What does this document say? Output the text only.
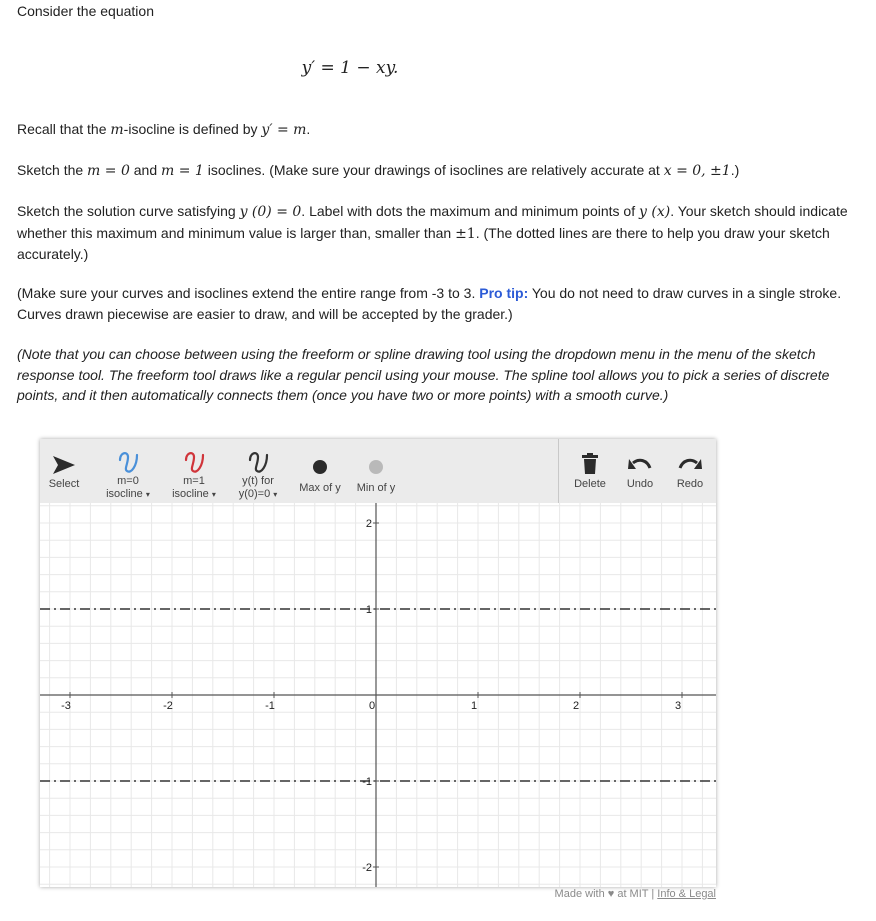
Consider the equation
y′ = 1 − xy.
Recall that the m-isocline is defined by y′ = m.
Sketch the m = 0 and m = 1 isoclines. (Make sure your drawings of isoclines are relatively accurate at x = 0, ±1.)
Sketch the solution curve satisfying y (0) = 0. Label with dots the maximum and minimum points of y (x). Your sketch should indicate whether this maximum and minimum value is larger than, smaller than ±1. (The dotted lines are there to help you draw your sketch accurately.)
(Make sure your curves and isoclines extend the entire range from -3 to 3. Pro tip: You do not need to draw curves in a single stroke. Curves drawn piecewise are easier to draw, and will be accepted by the grader.)
(Note that you can choose between using the freeform or spline drawing tool using the dropdown menu in the menu of the sketch response tool. The freeform tool draws like a regular pencil using your mouse. The spline tool allows you to pick a series of discrete points, and it then automatically connects them (once you have two or more points) with a smooth curve.)
Select	m=0
isocline ▾
m=1
isocline ▾
y(t) for
y(0)=0 ▾
Max of y	Min of y	Delete	Undo	Redo
-3	-2	-1	0	1	2	3
2
1
-1
-2
Made with ♥ at MIT | Info & Legal
